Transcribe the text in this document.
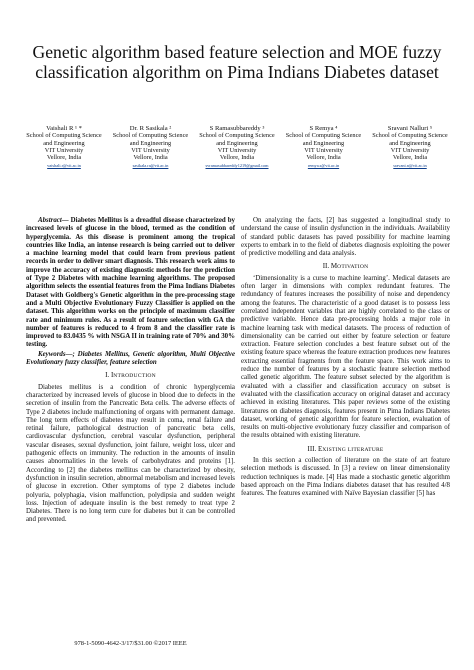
Genetic algorithm based feature selection and MOE fuzzy classification algorithm on Pima Indians Diabetes dataset
Vaishali R ¹ *
School of Computing Science and Engineering
VIT University
Vellore, India
vaishali.r@vit.ac.in
Dr. R Sasikala ²
School of Computing Science and Engineering
VIT University
Vellore, India
sasikala.ra@vit.ac.in
S Ramasubbareddy ³
School of Computing Science and Engineering
VIT University
Vellore, India
svramasubbareddy1219@gmail.com
S Remya ⁴
School of Computing Science and Engineering
VIT University
Vellore, India
remya.s@vit.ac.in
Sravani Nalluri ⁵
School of Computing Science and Engineering
VIT University
Vellore, India
sravani.n@vit.ac.in

Abstract— Diabetes Mellitus is a dreadful disease characterized by increased levels of glucose in the blood, termed as the condition of hyperglycemia. As this disease is prominent among the tropical countries like India, an intense research is being carried out to deliver a machine learning model that could learn from previous patient records in order to deliver smart diagnosis. This research work aims to improve the accuracy of existing diagnostic methods for the prediction of Type 2 Diabetes with machine learning algorithms. The proposed algorithm selects the essential features from the Pima Indians Diabetes Dataset with Goldberg's Genetic algorithm in the pre-processing stage and a Multi Objective Evolutionary Fuzzy Classifier is applied on the dataset. This algorithm works on the principle of maximum classifier rate and minimum rules. As a result of feature selection with GA the number of features is reduced to 4 from 8 and the classifier rate is improved to 83.0435 % with NSGA II in training rate of 70% and 30% testing.

Keywords—; Diabetes Mellitus, Genetic algorithm, Multi Objective Evolutionary fuzzy classifier, feature selection

I. INTRODUCTION

Diabetes mellitus is a condition of chronic hyperglycemia characterized by increased levels of glucose in blood due to defects in the secretion of insulin from the Pancreatic Beta cells. The adverse effects of Type 2 diabetes include malfunctioning of organs with permanent damage. The long term effects of diabetes may result in coma, renal failure and retinal failure, pathological destruction of pancreatic beta cells, cardiovascular dysfunction, cerebral vascular dysfunction, peripheral vascular diseases, sexual dysfunction, joint failure, weight loss, ulcer and pathogenic effects on immunity. The reduction in the amounts of insulin causes abnormalities in the levels of carbohydrates and proteins [1]. According to [2] the diabetes mellitus can be characterized by obesity, dysfunction in insulin secretion, abnormal metabolism and increased levels of glucose in excretion. Other symptoms of type 2 diabetes include polyuria, polyphagia, vision malfunction, polydipsia and sudden weight loss. Injection of adequate insulin is the best remedy to treat type 2 Diabetes. There is no long term cure for diabetes but it can be controlled and prevented.

978-1-5090-4642-3/17/$31.00 ©2017 IEEE

On analyzing the facts, [2] has suggested a longitudinal study to understand the cause of insulin dysfunction in the individuals. Availability of standard public datasets has paved possibility for machine learning experts to embark in to the field of diabetes diagnosis exploiting the power of predictive modelling and data analysis.

II. MOTIVATION

‘Dimensionality is a curse to machine learning’. Medical datasets are often larger in dimensions with complex redundant features. The redundancy of features increases the possibility of noise and dependency among the features. The characteristic of a good dataset is to possess less correlated independent variables that are highly correlated to the class or predictive variable. Hence data pre-processing holds a major role in machine learning task with medical datasets. The process of reduction of dimensionality can be carried out either by feature selection or feature extraction. Feature selection concludes a best feature subset out of the existing feature space whereas the feature extraction produces new features extracting essential fragments from the feature space. This work aims to reduce the number of features by a stochastic feature selection method called genetic algorithm. The feature subset selected by the algorithm is evaluated with a classifier and classification accuracy on subset is evaluated with the classification accuracy on original dataset and accuracy achieved in existing literatures. This paper reviews some of the existing literatures on diabetes diagnosis, features present in Pima Indians Diabetes dataset, working of genetic algorithm for feature selection, evaluation of results on multi-objective evolutionary fuzzy classifier and comparison of the results obtained with existing literature.

III. EXISTING LITERATURE

In this section a collection of literature on the state of art feature selection methods is discussed. In [3] a review on linear dimensionality reduction techniques is made. [4] Has made a stochastic genetic algorithm based approach on the Pima Indians diabetes dataset that has resulted 4/8 features. The features examined with Naïve Bayesian classifier [5] has
